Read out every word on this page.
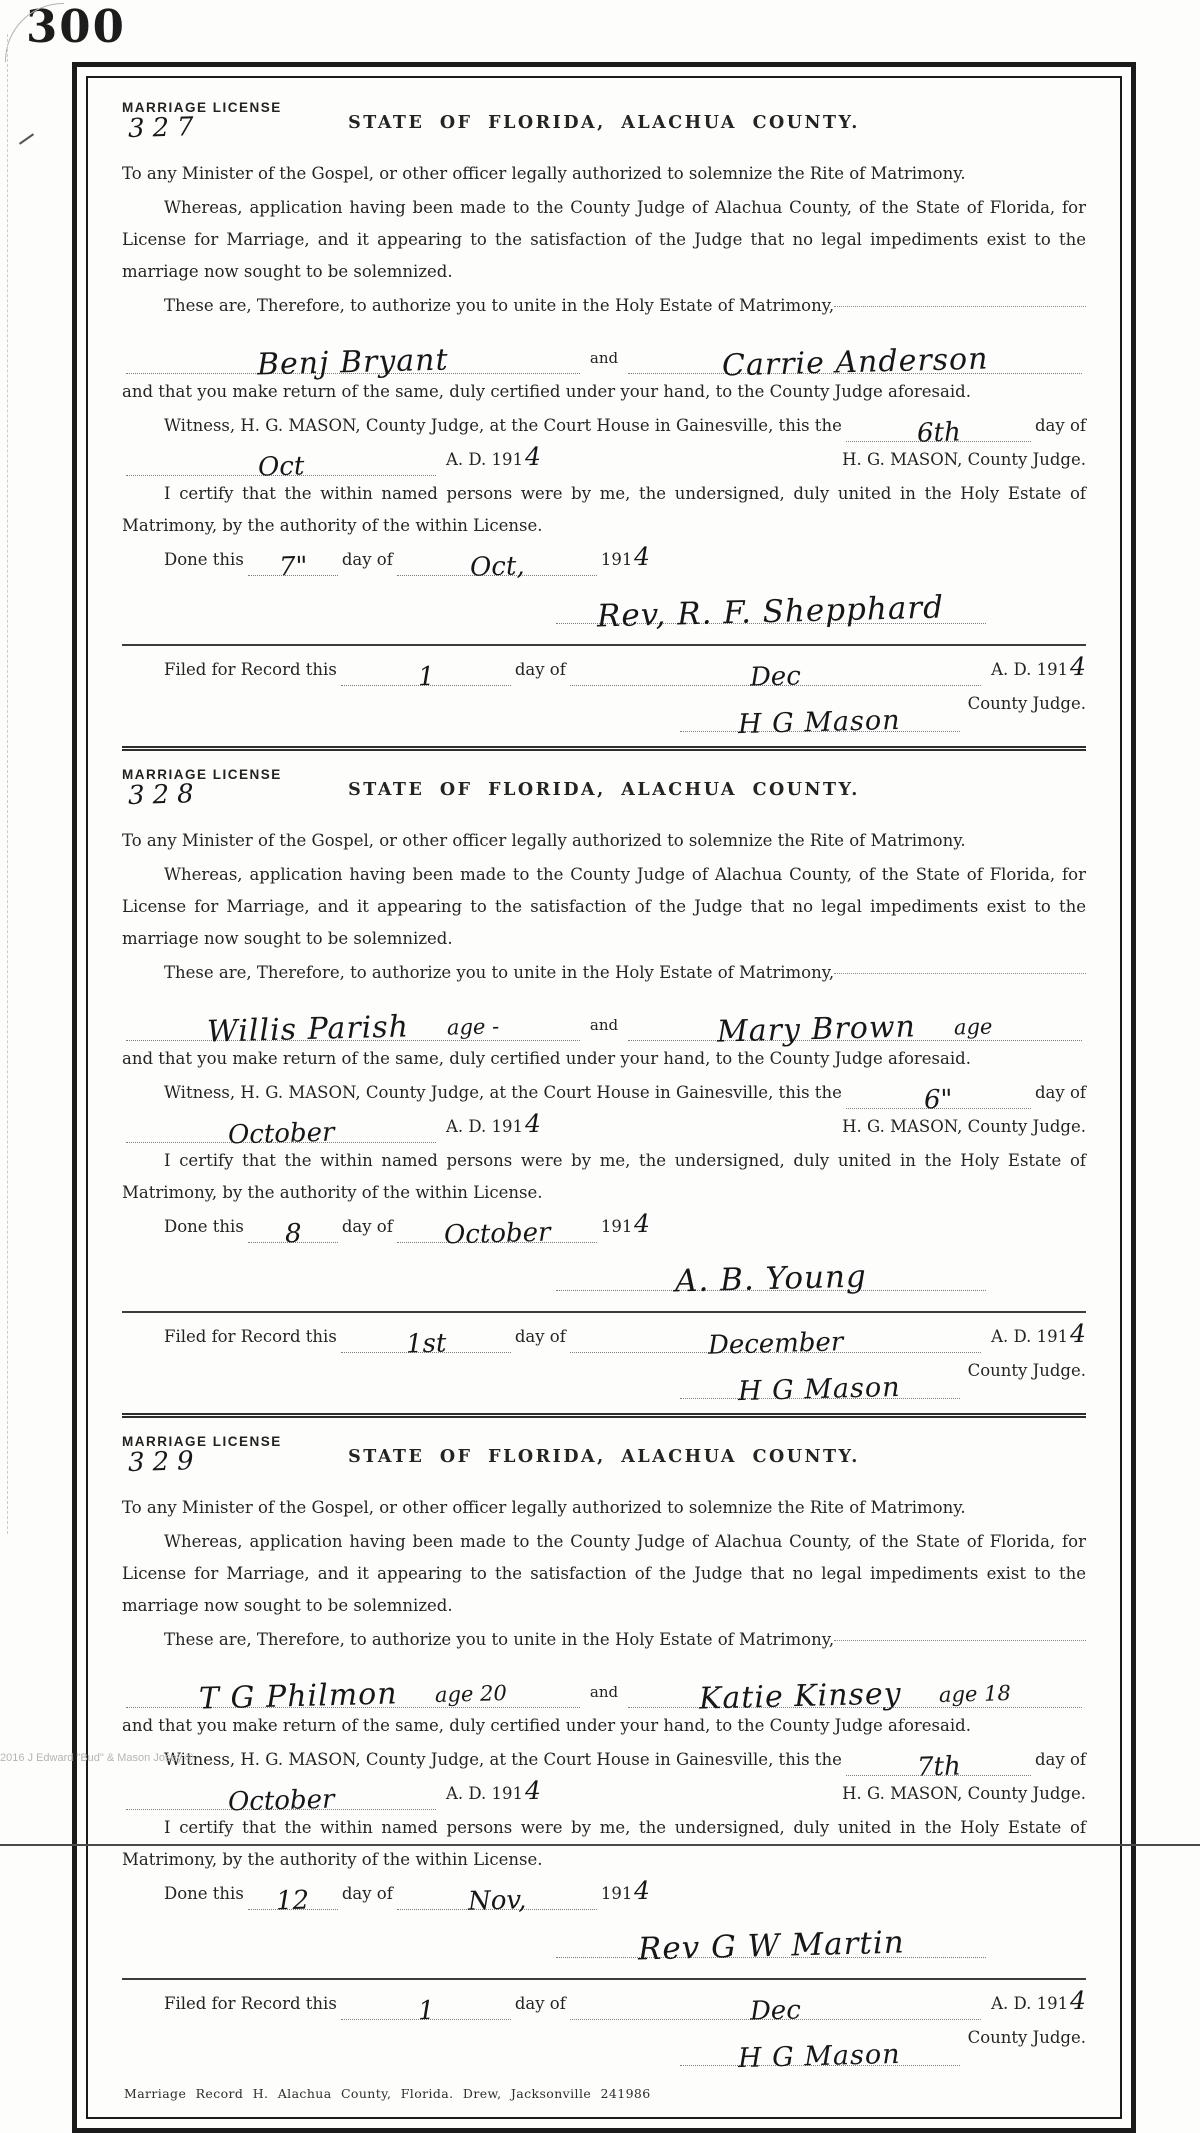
300
MARRIAGE LICENSE
327	STATE OF FLORIDA, ALACHUA COUNTY.

To any Minister of the Gospel, or other officer legally authorized to solemnize the Rite of Matrimony.

Whereas, application having been made to the County Judge of Alachua County, of the State of Florida, for License for Marriage, and it appearing to the satisfaction of the Judge that no legal impediments exist to the marriage now sought to be solemnized.

These are, Therefore, to authorize you to unite in the Holy Estate of Matrimony,
Benj Bryant	and	Carrie Anderson

and that you make return of the same, duly certified under your hand, to the County Judge aforesaid.

Witness, H. G. MASON, County Judge, at the Court House in Gainesville, this the	6th	day of
Oct	A. D. 191 4	H. G. MASON, County Judge.

I certify that the within named persons were by me, the undersigned, duly united in the Holy Estate of Matrimony, by the authority of the within License.

Done this 7" day of	Oct,	191 4
Rev, R. F. Shepphard
Filed for Record this	1	day of	Dec	A. D. 191 4
H G Mason
County Judge.
MARRIAGE LICENSE
328	STATE OF FLORIDA, ALACHUA COUNTY.

To any Minister of the Gospel, or other officer legally authorized to solemnize the Rite of Matrimony.

Whereas, application having been made to the County Judge of Alachua County, of the State of Florida, for License for Marriage, and it appearing to the satisfaction of the Judge that no legal impediments exist to the marriage now sought to be solemnized.

These are, Therefore, to authorize you to unite in the Holy Estate of Matrimony,
Willis Parish age -	and	Mary Brown age

and that you make return of the same, duly certified under your hand, to the County Judge aforesaid.

Witness, H. G. MASON, County Judge, at the Court House in Gainesville, this the	6"	day of
October	A. D. 191 4	H. G. MASON, County Judge.

I certify that the within named persons were by me, the undersigned, duly united in the Holy Estate of Matrimony, by the authority of the within License.

Done this 8 day of October	191 4
A. B. Young
Filed for Record this	1st	day of	December	A. D. 191 4
H G Mason
County Judge.
MARRIAGE LICENSE
329	STATE OF FLORIDA, ALACHUA COUNTY.

To any Minister of the Gospel, or other officer legally authorized to solemnize the Rite of Matrimony.

Whereas, application having been made to the County Judge of Alachua County, of the State of Florida, for License for Marriage, and it appearing to the satisfaction of the Judge that no legal impediments exist to the marriage now sought to be solemnized.

These are, Therefore, to authorize you to unite in the Holy Estate of Matrimony,
T G Philmon age 20	and	Katie Kinsey age 18

and that you make return of the same, duly certified under your hand, to the County Judge aforesaid.

Witness, H. G. MASON, County Judge, at the Court House in Gainesville, this the	7th	day of
October	A. D. 191 4	H. G. MASON, County Judge.

I certify that the within named persons were by me, the undersigned, duly united in the Holy Estate of Matrimony, by the authority of the within License.

Done this 12 day of	Nov,	191 4
Rev G W Martin
Filed for Record this	1	day of	Dec	A. D. 191 4
H G Mason
County Judge.
Marriage Record H. Alachua County, Florida. Drew, Jacksonville 241986
2016 J Edward "Bud" & Mason Josey ®
